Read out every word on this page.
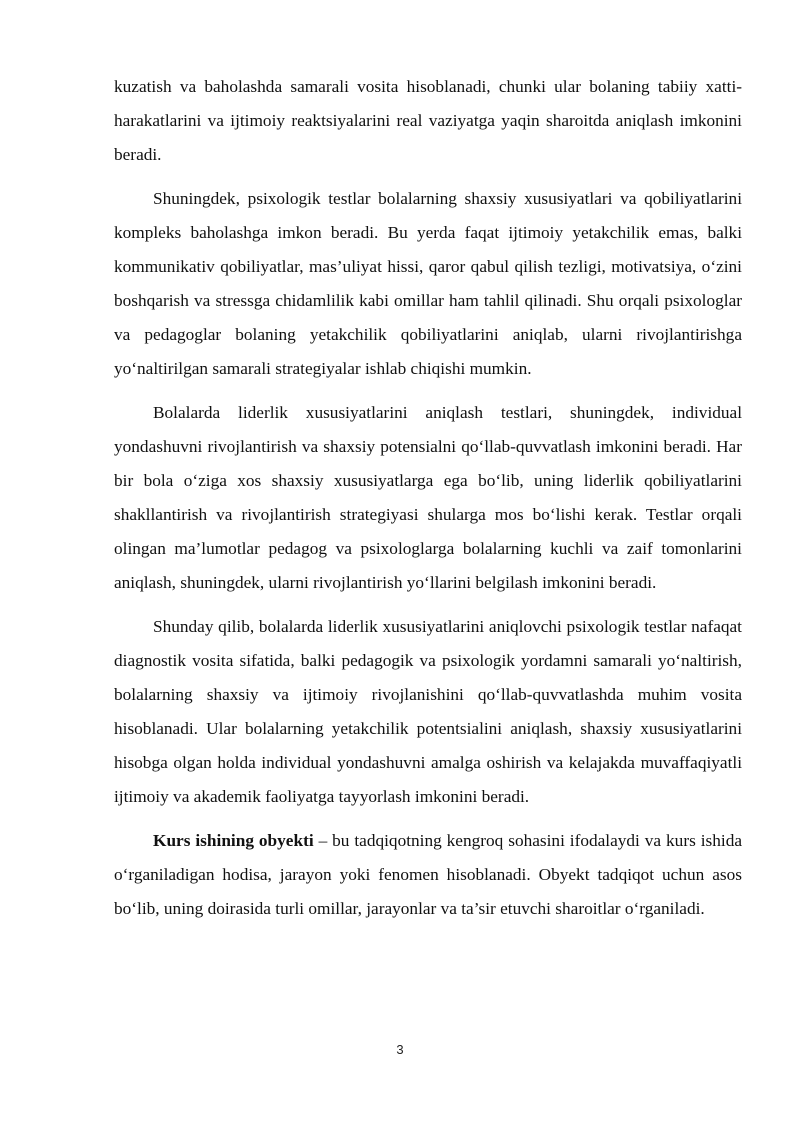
kuzatish va baholashda samarali vosita hisoblanadi, chunki ular bolaning tabiiy xatti-harakatlarini va ijtimoiy reaktsiyalarini real vaziyatga yaqin sharoitda aniqlash imkonini beradi.

Shuningdek, psixologik testlar bolalarning shaxsiy xususiyatlari va qobiliyatlarini kompleks baholashga imkon beradi. Bu yerda faqat ijtimoiy yetakchilik emas, balki kommunikativ qobiliyatlar, mas’uliyat hissi, qaror qabul qilish tezligi, motivatsiya, o‘zini boshqarish va stressga chidamlilik kabi omillar ham tahlil qilinadi. Shu orqali psixologlar va pedagoglar bolaning yetakchilik qobiliyatlarini aniqlab, ularni rivojlantirishga yo‘naltirilgan samarali strategiyalar ishlab chiqishi mumkin.

Bolalarda liderlik xususiyatlarini aniqlash testlari, shuningdek, individual yondashuvni rivojlantirish va shaxsiy potensialni qo‘llab-quvvatlash imkonini beradi. Har bir bola o‘ziga xos shaxsiy xususiyatlarga ega bo‘lib, uning liderlik qobiliyatlarini shakllantirish va rivojlantirish strategiyasi shularga mos bo‘lishi kerak. Testlar orqali olingan ma’lumotlar pedagog va psixologlarga bolalarning kuchli va zaif tomonlarini aniqlash, shuningdek, ularni rivojlantirish yo‘llarini belgilash imkonini beradi.

Shunday qilib, bolalarda liderlik xususiyatlarini aniqlovchi psixologik testlar nafaqat diagnostik vosita sifatida, balki pedagogik va psixologik yordamni samarali yo‘naltirish, bolalarning shaxsiy va ijtimoiy rivojlanishini qo‘llab-quvvatlashda muhim vosita hisoblanadi. Ular bolalarning yetakchilik potentsialini aniqlash, shaxsiy xususiyatlarini hisobga olgan holda individual yondashuvni amalga oshirish va kelajakda muvaffaqiyatli ijtimoiy va akademik faoliyatga tayyorlash imkonini beradi.

Kurs ishining obyekti – bu tadqiqotning kengroq sohasini ifodalaydi va kurs ishida o‘rganiladigan hodisa, jarayon yoki fenomen hisoblanadi. Obyekt tadqiqot uchun asos bo‘lib, uning doirasida turli omillar, jarayonlar va ta’sir etuvchi sharoitlar o‘rganiladi.

3
